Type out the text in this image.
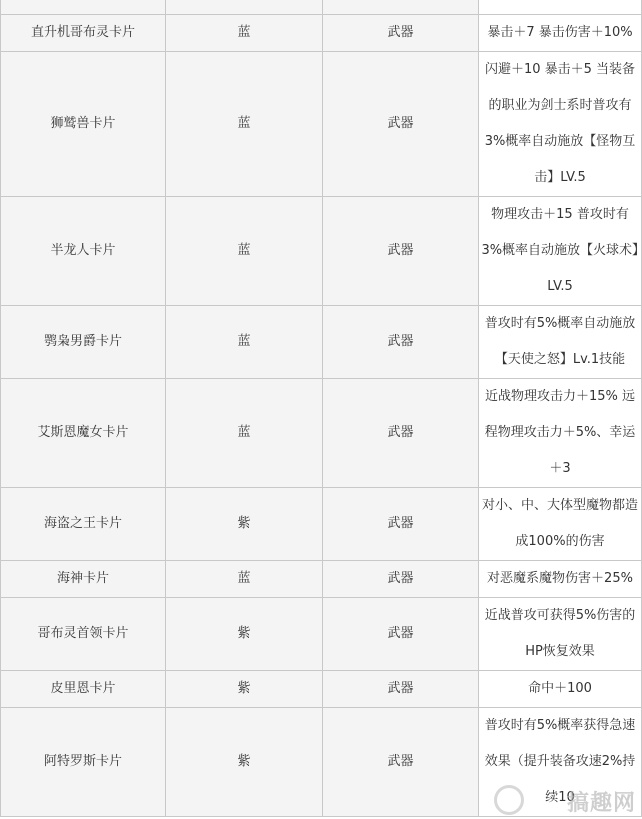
直升机哥布灵卡片	蓝	武器	暴击＋7 暴击伤害＋10%
狮鹫兽卡片	蓝	武器	闪避＋10 暴击＋5 当装备的职业为剑士系时普攻有3%概率自动施放【怪物互击】LV.5
半龙人卡片	蓝	武器	物理攻击＋15 普攻时有3%概率自动施放【火球术】LV.5
鹗枭男爵卡片	蓝	武器	普攻时有5%概率自动施放【天使之怒】Lv.1技能
艾斯恩魔女卡片	蓝	武器	近战物理攻击力＋15% 远程物理攻击力＋5%、幸运＋3
海盗之王卡片	紫	武器	对小、中、大体型魔物都造成100%的伤害
海神卡片	蓝	武器	对恶魔系魔物伤害＋25%
哥布灵首领卡片	紫	武器	近战普攻可获得5%伤害的HP恢复效果
皮里恩卡片	紫	武器	命中＋100
阿特罗斯卡片	紫	武器	普攻时有5%概率获得急速效果（提升装备攻速2%持续10
搞趣网
